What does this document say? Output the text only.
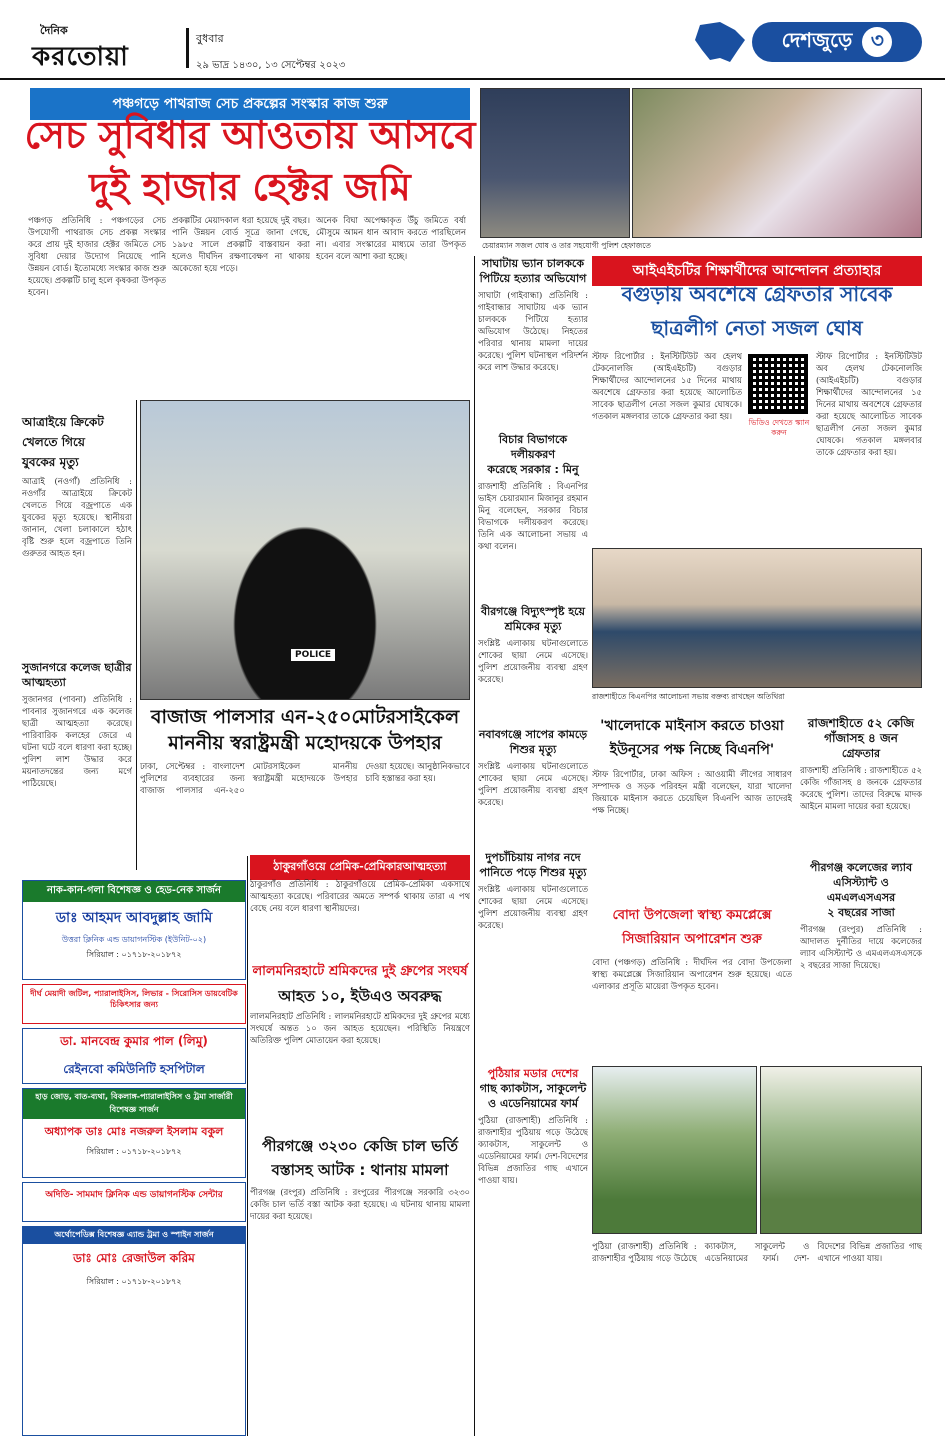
দৈনিক
করতোয়া
বুধবার
২৯ ভাদ্র ১৪৩০, ১৩ সেপ্টেম্বর ২০২৩
দেশজুড়ে ৩
পঞ্চগড়ে পাথরাজ সেচ প্রকল্পের সংস্কার কাজ শুরু
সেচ সুবিধার আওতায় আসবে
দুই হাজার হেক্টর জমি
পঞ্চগড় প্রতিনিধি : পঞ্চগড়ের সেচ উপযোগী পাথরাজ সেচ প্রকল্প সংস্কার করে প্রায় দুই হাজার হেক্টর জমিতে সেচ সুবিধা দেয়ার উদ্যোগ নিয়েছে পানি উন্নয়ন বোর্ড। ইতোমধ্যে সংস্কার কাজ শুরু হয়েছে। প্রকল্পটি চালু হলে কৃষকরা উপকৃত হবেন।
প্রকল্পটির মেয়াদকাল ধরা হয়েছে দুই বছর। পানি উন্নয়ন বোর্ড সূত্রে জানা গেছে, ১৯৮৫ সালে প্রকল্পটি বাস্তবায়ন করা হলেও দীর্ঘদিন রক্ষণাবেক্ষণ না থাকায় অকেজো হয়ে পড়ে।
অনেক বিঘা অপেক্ষাকৃত উঁচু জমিতে বর্ষা মৌসুমে আমন ধান আবাদ করতে পারছিলেন না। এবার সংস্কারের মাধ্যমে তারা উপকৃত হবেন বলে আশা করা হচ্ছে।
চেয়ারম্যান সজল ঘোষ ও তার সহযোগী পুলিশ হেফাজতে
আত্রাইয়ে ক্রিকেট
খেলতে গিয়ে
যুবকের মৃত্যু
আত্রাই (নওগাঁ) প্রতিনিধি : নওগাঁর আত্রাইয়ে ক্রিকেট খেলতে গিয়ে বজ্রপাতে এক যুবকের মৃত্যু হয়েছে। স্থানীয়রা জানান, খেলা চলাকালে হঠাৎ বৃষ্টি শুরু হলে বজ্রপাতে তিনি গুরুতর আহত হন।
POLICE
সুজানগরে কলেজ ছাত্রীর
আত্মহত্যা
সুজানগর (পাবনা) প্রতিনিধি : পাবনার সুজানগরে এক কলেজ ছাত্রী আত্মহত্যা করেছে। পারিবারিক কলহের জেরে এ ঘটনা ঘটে বলে ধারণা করা হচ্ছে। পুলিশ লাশ উদ্ধার করে ময়নাতদন্তের জন্য মর্গে পাঠিয়েছে।
বাজাজ পালসার এন-২৫০মোটরসাইকেল
মাননীয় স্বরাষ্ট্রমন্ত্রী মহোদয়কে উপহার
ঢাকা, সেপ্টেম্বর : বাংলাদেশ পুলিশের ব্যবহারের জন্য বাজাজ পালসার এন-২৫০ মোটরসাইকেল মাননীয় স্বরাষ্ট্রমন্ত্রী মহোদয়কে উপহার দেওয়া হয়েছে। আনুষ্ঠানিকভাবে চাবি হস্তান্তর করা হয়।
ঠাকুরগাঁওয়ে প্রেমিক-প্রেমিকারআত্মহত্যা
ঠাকুরগাঁও প্রতিনিধি : ঠাকুরগাঁওয়ে প্রেমিক-প্রেমিকা একসাথে আত্মহত্যা করেছে। পরিবারের অমতে সম্পর্ক থাকায় তারা এ পথ বেছে নেয় বলে ধারণা স্থানীয়দের।
লালমনিরহাটে শ্রমিকদের দুই গ্রুপের সংঘর্ষ
আহত ১০, ইউএও অবরুদ্ধ
লালমনিরহাট প্রতিনিধি : লালমনিরহাটে শ্রমিকদের দুই গ্রুপের মধ্যে সংঘর্ষে অন্তত ১০ জন আহত হয়েছেন। পরিস্থিতি নিয়ন্ত্রণে অতিরিক্ত পুলিশ মোতায়েন করা হয়েছে।
পীরগঞ্জে ৩২৩০ কেজি চাল ভর্তি
বস্তাসহ আটক : থানায় মামলা
পীরগঞ্জ (রংপুর) প্রতিনিধি : রংপুরের পীরগঞ্জে সরকারি ৩২৩০ কেজি চাল ভর্তি বস্তা আটক করা হয়েছে। এ ঘটনায় থানায় মামলা দায়ের করা হয়েছে।
নাক-কান-গলা বিশেষজ্ঞ ও হেড-নেক সার্জন
ডাঃ আহমদ আবদুল্লাহ জামি
উত্তরা ক্লিনিক এন্ড ডায়াগনস্টিক (ইউনিট-০২)
সিরিয়াল : ০১৭১৮-২০১৮৭২
দীর্ঘ মেয়াদী জটিল, প্যারালাইসিস, লিভার - সিরোসিস ডায়বেটিক চিকিৎসার জন্য
ডা. মানবেন্দ্র কুমার পাল (লিমু)
রেইনবো কমিউনিটি হসপিটাল
হাড় জোড়, বাত-ব্যথা, বিকলাঙ্গ-প্যারালাইসিস ও ট্রমা সার্জারী বিশেষজ্ঞ সার্জন
অধ্যাপক ডাঃ মোঃ নজরুল ইসলাম বকুল
সিরিয়াল : ০১৭১৮-২০১৮৭২
অদিতি- সামমাদ ক্লিনিক এন্ড ডায়াগনস্টিক সেন্টার
অর্থোপেডিক্স বিশেষজ্ঞ এ্যান্ড ট্রমা ও স্পাইন সার্জন
ডাঃ মোঃ রেজাউল করিম
সিরিয়াল : ০১৭১৮-২০১৮৭২
সাঘাটায় ভ্যান চালককে
পিটিয়ে হত্যার অভিযোগ
সাঘাটা (গাইবান্ধা) প্রতিনিধি : গাইবান্ধার সাঘাটায় এক ভ্যান চালককে পিটিয়ে হত্যার অভিযোগ উঠেছে। নিহতের পরিবার থানায় মামলা দায়ের করেছে। পুলিশ ঘটনাস্থল পরিদর্শন করে লাশ উদ্ধার করেছে।
আইএইচটির শিক্ষার্থীদের আন্দোলন প্রত্যাহার
বগুড়ায় অবশেষে গ্রেফতার সাবেক
ছাত্রলীগ নেতা সজল ঘোষ
স্টাফ রিপোর্টার : ইনস্টিটিউট অব হেলথ টেকনোলজি (আইএইচটি) বগুড়ার শিক্ষার্থীদের আন্দোলনের ১৫ দিনের মাথায় অবশেষে গ্রেফতার করা হয়েছে আলোচিত সাবেক ছাত্রলীগ নেতা সজল কুমার ঘোষকে। গতকাল মঙ্গলবার তাকে গ্রেফতার করা হয়।
ভিডিও দেখতে স্ক্যান করুন
স্টাফ রিপোর্টার : ইনস্টিটিউট অব হেলথ টেকনোলজি (আইএইচটি) বগুড়ার শিক্ষার্থীদের আন্দোলনের ১৫ দিনের মাথায় অবশেষে গ্রেফতার করা হয়েছে আলোচিত সাবেক ছাত্রলীগ নেতা সজল কুমার ঘোষকে। গতকাল মঙ্গলবার তাকে গ্রেফতার করা হয়।
বিচার বিভাগকে দলীয়করণ
করেছে সরকার : মিনু
রাজশাহী প্রতিনিধি : বিএনপির ভাইস চেয়ারম্যান মিজানুর রহমান মিনু বলেছেন, সরকার বিচার বিভাগকে দলীয়করণ করেছে। তিনি এক আলোচনা সভায় এ কথা বলেন।
বীরগঞ্জে বিদ্যুৎস্পৃষ্ট হয়ে
শ্রমিকের মৃত্যু
সংশ্লিষ্ট এলাকায় ঘটনাগুলোতে শোকের ছায়া নেমে এসেছে। পুলিশ প্রয়োজনীয় ব্যবস্থা গ্রহণ করেছে।
নবাবগঞ্জে সাপের কামড়ে
শিশুর মৃত্যু
সংশ্লিষ্ট এলাকায় ঘটনাগুলোতে শোকের ছায়া নেমে এসেছে। পুলিশ প্রয়োজনীয় ব্যবস্থা গ্রহণ করেছে।
দুপচাঁচিয়ায় নাগর নদে
পানিতে পড়ে শিশুর মৃত্যু
সংশ্লিষ্ট এলাকায় ঘটনাগুলোতে শোকের ছায়া নেমে এসেছে। পুলিশ প্রয়োজনীয় ব্যবস্থা গ্রহণ করেছে।
রাজশাহীতে বিএনপির আলোচনা সভায় বক্তব্য রাখছেন অতিথিরা
'খালেদাকে মাইনাস করতে চাওয়া
ইউনূসের পক্ষ নিচ্ছে বিএনপি'
স্টাফ রিপোর্টার, ঢাকা অফিস : আওয়ামী লীগের সাধারণ সম্পাদক ও সড়ক পরিবহন মন্ত্রী বলেছেন, যারা খালেদা জিয়াকে মাইনাস করতে চেয়েছিল বিএনপি আজ তাদেরই পক্ষ নিচ্ছে।
রাজশাহীতে ৫২ কেজি
গাঁজাসহ ৪ জন
গ্রেফতার
রাজশাহী প্রতিনিধি : রাজশাহীতে ৫২ কেজি গাঁজাসহ ৪ জনকে গ্রেফতার করেছে পুলিশ। তাদের বিরুদ্ধে মাদক আইনে মামলা দায়ের করা হয়েছে।
বোদা উপজেলা স্বাস্থ্য কমপ্লেক্সে
সিজারিয়ান অপারেশন শুরু
বোদা (পঞ্চগড়) প্রতিনিধি : দীর্ঘদিন পর বোদা উপজেলা স্বাস্থ্য কমপ্লেক্সে সিজারিয়ান অপারেশন শুরু হয়েছে। এতে এলাকার প্রসূতি মায়েরা উপকৃত হবেন।
পীরগঞ্জ কলেজের ল্যাব
এসিস্ট্যান্ট ও এমএলএসএসর
২ বছরের সাজা
পীরগঞ্জ (রংপুর) প্রতিনিধি : আদালত দুর্নীতির দায়ে কলেজের ল্যাব এসিস্ট্যান্ট ও এমএলএসএসকে ২ বছরের সাজা দিয়েছে।
পুঠিয়ার মডার দেশের
গাছ ক্যাকটাস, সাকুলেন্ট
ও এডেনিয়ামের ফার্ম
পুঠিয়া (রাজশাহী) প্রতিনিধি : রাজশাহীর পুঠিয়ায় গড়ে উঠেছে ক্যাকটাস, সাকুলেন্ট ও এডেনিয়ামের ফার্ম। দেশ-বিদেশের বিভিন্ন প্রজাতির গাছ এখানে পাওয়া যায়।
পুঠিয়া (রাজশাহী) প্রতিনিধি : রাজশাহীর পুঠিয়ায় গড়ে উঠেছে ক্যাকটাস, সাকুলেন্ট ও এডেনিয়ামের ফার্ম। দেশ-বিদেশের বিভিন্ন প্রজাতির গাছ এখানে পাওয়া যায়।
